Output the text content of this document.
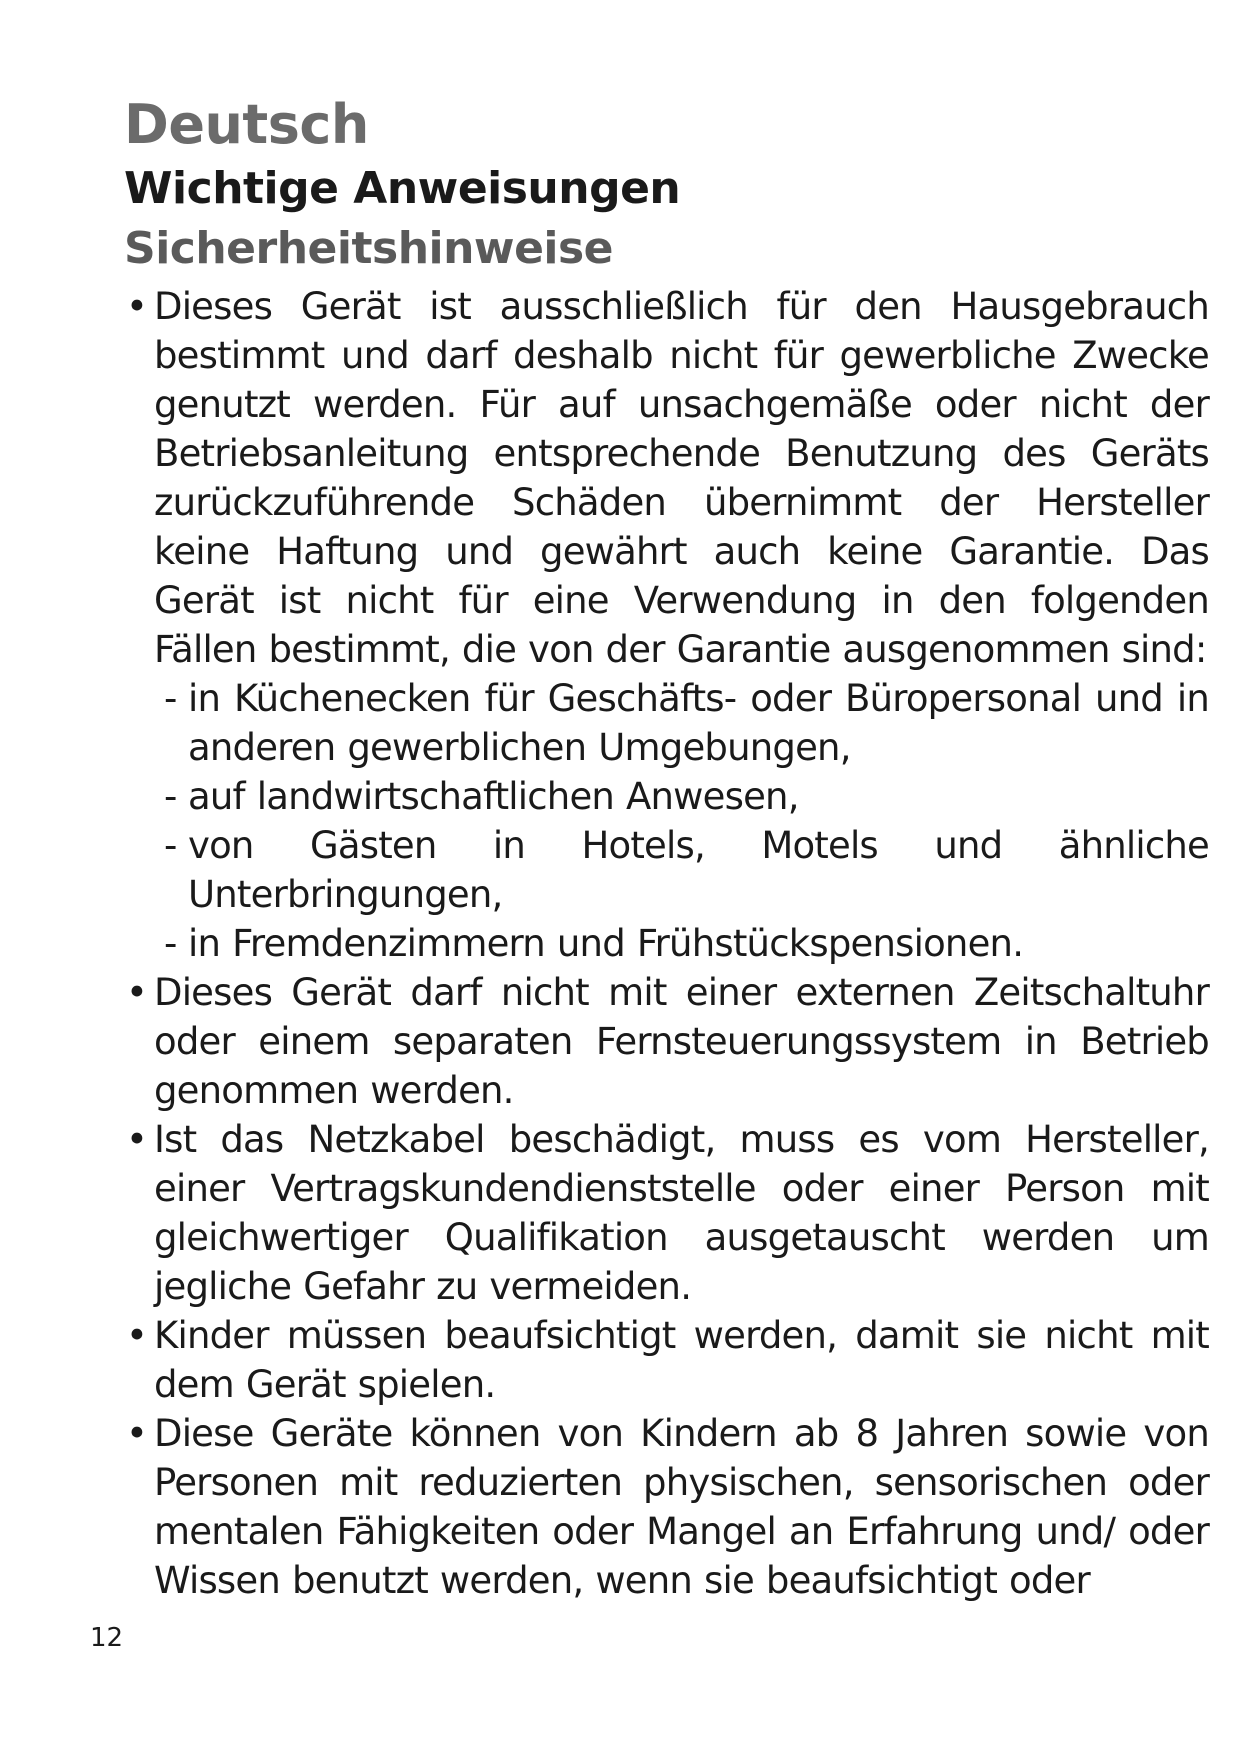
Deutsch
Wichtige Anweisungen
Sicherheitshinweise
• Dieses Gerät ist ausschließlich für den Hausgebrauch bestimmt und darf deshalb nicht für gewerbliche Zwecke genutzt werden. Für auf unsachgemäße oder nicht der Betriebsanleitung entsprechende Benutzung des Geräts zurückzuführende Schäden übernimmt der Hersteller keine Haftung und gewährt auch keine Garantie. Das Gerät ist nicht für eine Verwendung in den folgenden Fällen bestimmt, die von der Garantie ausgenommen sind:
- in Küchenecken für Geschäfts- oder Büropersonal und in anderen gewerblichen Umgebungen,
- auf landwirtschaftlichen Anwesen,
- von Gästen in Hotels, Motels und ähnliche Unterbringungen,
- in Fremdenzimmern und Frühstückspensionen.
• Dieses Gerät darf nicht mit einer externen Zeitschaltuhr oder einem separaten Fernsteuerungssystem in Betrieb genommen werden.
• Ist das Netzkabel beschädigt, muss es vom Hersteller, einer Vertragskundendienststelle oder einer Person mit gleichwertiger Qualifikation ausgetauscht werden um jegliche Gefahr zu vermeiden.
• Kinder müssen beaufsichtigt werden, damit sie nicht mit dem Gerät spielen.
• Diese Geräte können von Kindern ab 8 Jahren sowie von Personen mit reduzierten physischen, sensorischen oder mentalen Fähigkeiten oder Mangel an Erfahrung und/ oder Wissen benutzt werden, wenn sie beaufsichtigt oder
12
